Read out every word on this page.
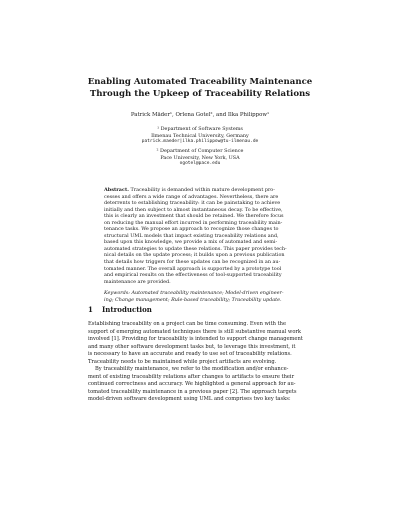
Enabling Automated Traceability Maintenance
Through the Upkeep of Traceability Relations
Patrick Mäder¹, Orlena Gotel², and Ilka Philippow¹
¹ Department of Software Systems
Ilmenau Technical University, Germany
patrick.maeder|ilka.philippow@tu-ilmenau.de
² Department of Computer Science
Pace University, New York, USA
ogotel@pace.edu
Abstract. Traceability is demanded within mature development pro-
cesses and offers a wide range of advantages. Nevertheless, there are
deterrents to establishing traceability: it can be painstaking to achieve
initially and then subject to almost instantaneous decay. To be effective,
this is clearly an investment that should be retained. We therefore focus
on reducing the manual effort incurred in performing traceability main-
tenance tasks. We propose an approach to recognize those changes to
structural UML models that impact existing traceability relations and,
based upon this knowledge, we provide a mix of automated and semi-
automated strategies to update these relations. This paper provides tech-
nical details on the update process; it builds upon a previous publication
that details how triggers for these updates can be recognized in an au-
tomated manner. The overall approach is supported by a prototype tool
and empirical results on the effectiveness of tool-supported traceability
maintenance are provided.
Keywords: Automated traceability maintenance; Model-driven engineer-
ing; Change management; Rule-based traceability; Traceability update.
1 Introduction
Establishing traceability on a project can be time consuming. Even with the
support of emerging automated techniques there is still substantive manual work
involved [1]. Providing for traceability is intended to support change management
and many other software development tasks but, to leverage this investment, it
is necessary to have an accurate and ready to use set of traceability relations.
Traceability needs to be maintained while project artifacts are evolving.
By traceability maintenance, we refer to the modification and/or enhance-
ment of existing traceability relations after changes to artifacts to ensure their
continued correctness and accuracy. We highlighted a general approach for au-
tomated traceability maintenance in a previous paper [2]. The approach targets
model-driven software development using UML and comprises two key tasks:
